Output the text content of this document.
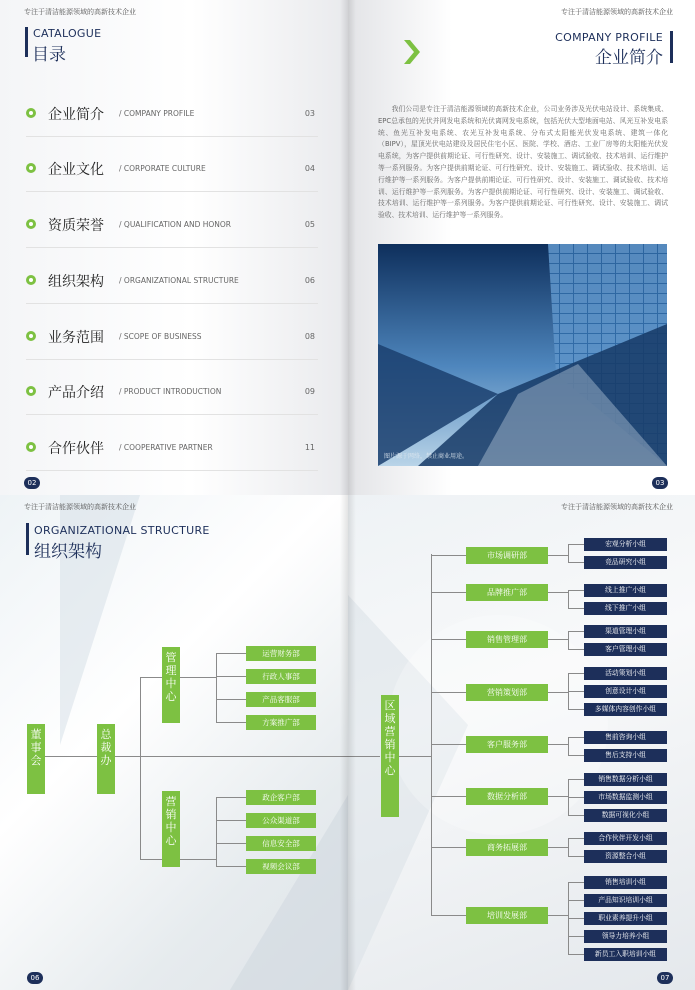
专注于清洁能源领域的高新技术企业
CATALOGUE
目录
企业简介 / COMPANY PROFILE	03
企业文化 / CORPORATE CULTURE	04
资质荣誉 / QUALIFICATION AND HONOR	05
组织架构 / ORGANIZATIONAL STRUCTURE	06
业务范围 / SCOPE OF BUSINESS	08
产品介绍 / PRODUCT INTRODUCTION	09
合作伙伴 / COOPERATIVE PARTNER	11
02
专注于清洁能源领域的高新技术企业
COMPANY PROFILE
企业简介
我们公司是专注于清洁能源领域的高新技术企业，公司业务涉及光伏电站设计、系统集成、EPC总承包的光伏并网发电系统和光伏离网发电系统，包括光伏大型地面电站、风光互补发电系统、鱼光互补发电系统、农光互补发电系统、分布式太阳能光伏发电系统、建筑一体化（BIPV），屋顶光伏电站建设及居民住宅小区、医院、学校、酒店、工业厂房等的太阳能光伏发电系统，为客户提供前期论证、可行性研究、设计、安装施工、调试验收、技术培训、运行维护等一系列服务。为客户提供前期论证、可行性研究、设计、安装施工、调试验收、技术培训、运行维护等一系列服务。为客户提供前期论证、可行性研究、设计、安装施工、调试验收、技术培训、运行维护等一系列服务。为客户提供前期论证、可行性研究、设计、安装施工、调试验收、技术培训、运行维护等一系列服务。为客户提供前期论证、可行性研究、设计、安装施工、调试验收、技术培训、运行维护等一系列服务。
图片源于网络，禁止商业用途。
03
专注于清洁能源领域的高新技术企业
ORGANIZATIONAL STRUCTURE
组织架构
董事会
总裁办
管理中心
营销中心
运营财务部
行政人事部
产品客服部
方案推广部
政企客户部
公众渠道部
信息安全部
视频会议部
06
专注于清洁能源领域的高新技术企业
区域营销中心
市场调研部
宏观分析小组
竞品研究小组
品牌推广部	线上推广小组
线下推广小组
销售管理部
渠道管理小组
客户管理小组
营销策划部
活动策划小组
创意设计小组
多媒体内容创作小组
客户服务部
售前咨询小组
售后支持小组
数据分析部
销售数据分析小组
市场数据监测小组
数据可视化小组
商务拓展部
合作伙伴开发小组
资源整合小组
培训发展部
销售培训小组
产品知识培训小组
职业素养提升小组
领导力培养小组
新员工入职培训小组
07
